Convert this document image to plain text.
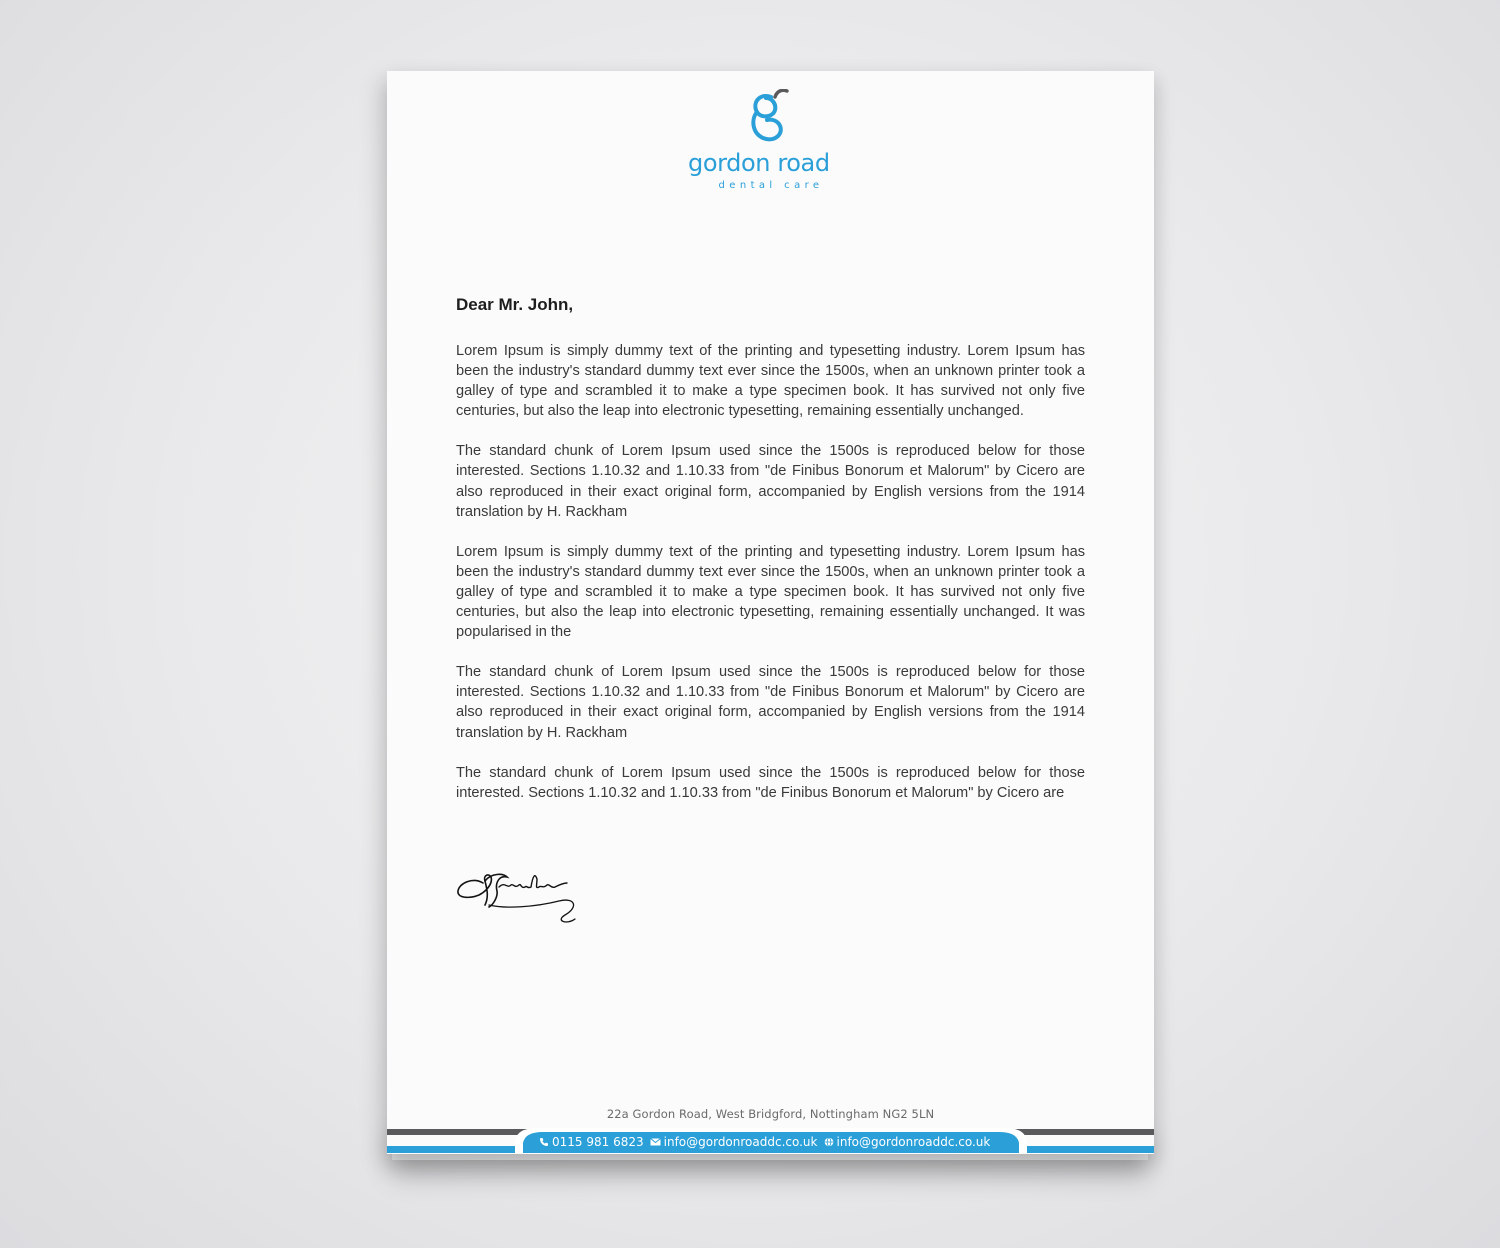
gordon road
dental care
Dear Mr. John,

Lorem Ipsum is simply dummy text of the printing and typesetting industry. Lorem Ipsum has been the industry's standard dummy text ever since the 1500s, when an unknown printer took a galley of type and scrambled it to make a type specimen book. It has survived not only five centuries, but also the leap into electronic typesetting, remaining essentially unchanged.

The standard chunk of Lorem Ipsum used since the 1500s is reproduced below for those interested. Sections 1.10.32 and 1.10.33 from "de Finibus Bonorum et Malorum" by Cicero are also reproduced in their exact original form, accompanied by English versions from the 1914 translation by H. Rackham

Lorem Ipsum is simply dummy text of the printing and typesetting industry. Lorem Ipsum has been the industry's standard dummy text ever since the 1500s, when an unknown printer took a galley of type and scrambled it to make a type specimen book. It has survived not only five centuries, but also the leap into electronic typesetting, remaining essentially unchanged. It was popularised in the

The standard chunk of Lorem Ipsum used since the 1500s is reproduced below for those interested. Sections 1.10.32 and 1.10.33 from "de Finibus Bonorum et Malorum" by Cicero are also reproduced in their exact original form, accompanied by English versions from the 1914 translation by H. Rackham

The standard chunk of Lorem Ipsum used since the 1500s is reproduced below for those interested. Sections 1.10.32 and 1.10.33 from "de Finibus Bonorum et Malorum" by Cicero are

22a Gordon Road, West Bridgford, Nottingham NG2 5LN
0115 981 6823 info@gordonroaddc.co.uk info@gordonroaddc.co.uk
